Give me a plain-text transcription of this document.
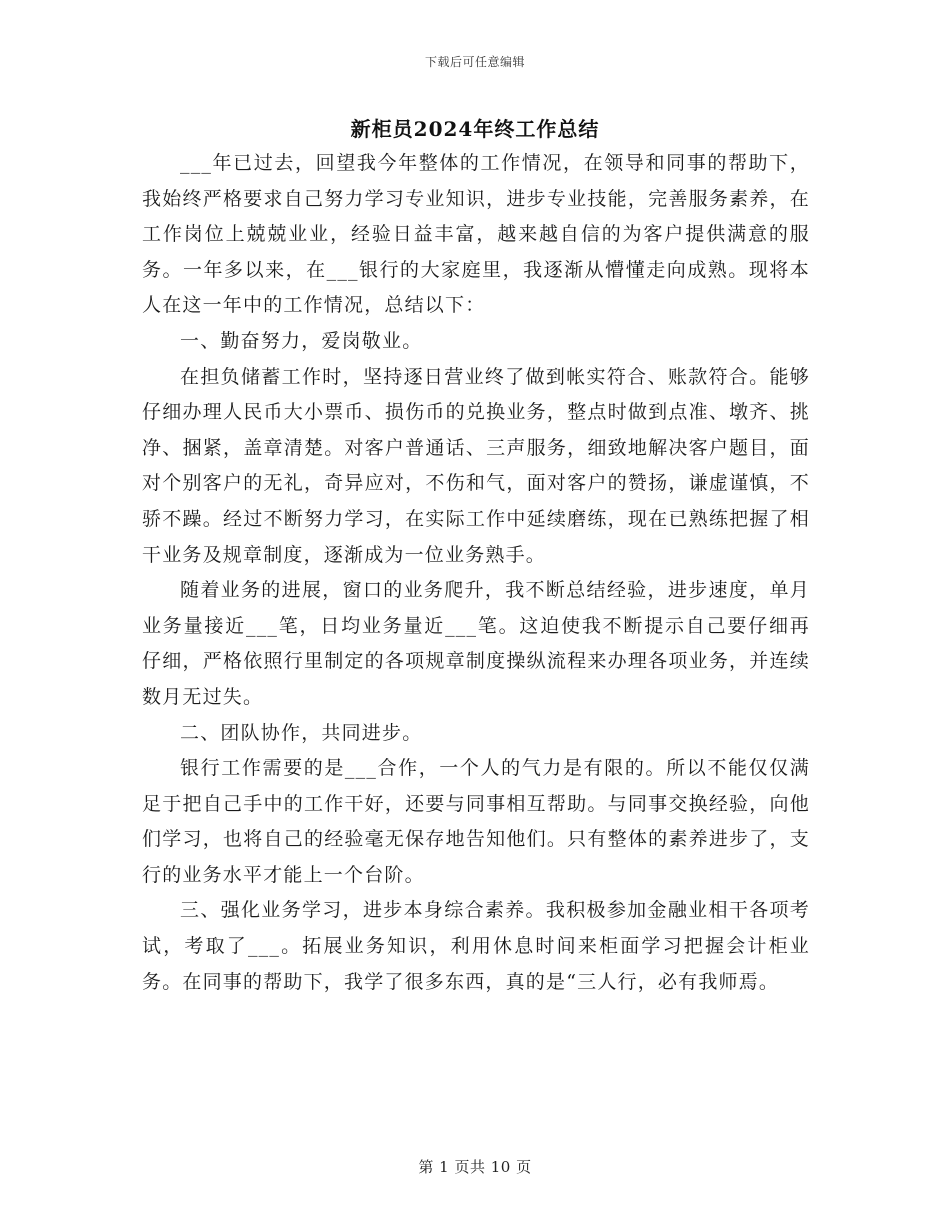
下载后可任意编辑
新柜员2024年终工作总结

___年已过去，回望我今年整体的工作情况，在领导和同事的帮助下，我始终严格要求自己努力学习专业知识，进步专业技能，完善服务素养，在工作岗位上兢兢业业，经验日益丰富，越来越自信的为客户提供满意的服务。一年多以来，在___银行的大家庭里，我逐渐从懵懂走向成熟。现将本人在这一年中的工作情况，总结以下：

一、勤奋努力，爱岗敬业。

在担负储蓄工作时，坚持逐日营业终了做到帐实符合、账款符合。能够仔细办理人民币大小票币、损伤币的兑换业务，整点时做到点准、墩齐、挑净、捆紧，盖章清楚。对客户普通话、三声服务，细致地解决客户题目，面对个别客户的无礼，奇异应对，不伤和气，面对客户的赞扬，谦虚谨慎，不骄不躁。经过不断努力学习，在实际工作中延续磨练，现在已熟练把握了相干业务及规章制度，逐渐成为一位业务熟手。

随着业务的进展，窗口的业务爬升，我不断总结经验，进步速度，单月业务量接近___笔，日均业务量近___笔。这迫使我不断提示自己要仔细再仔细，严格依照行里制定的各项规章制度操纵流程来办理各项业务，并连续数月无过失。

二、团队协作，共同进步。

银行工作需要的是___合作，一个人的气力是有限的。所以不能仅仅满足于把自己手中的工作干好，还要与同事相互帮助。与同事交换经验，向他们学习，也将自己的经验毫无保存地告知他们。只有整体的素养进步了，支行的业务水平才能上一个台阶。

三、强化业务学习，进步本身综合素养。我积极参加金融业相干各项考试，考取了___。拓展业务知识，利用休息时间来柜面学习把握会计柜业务。在同事的帮助下，我学了很多东西，真的是“三人行，必有我师焉。

第 1 页共 10 页
